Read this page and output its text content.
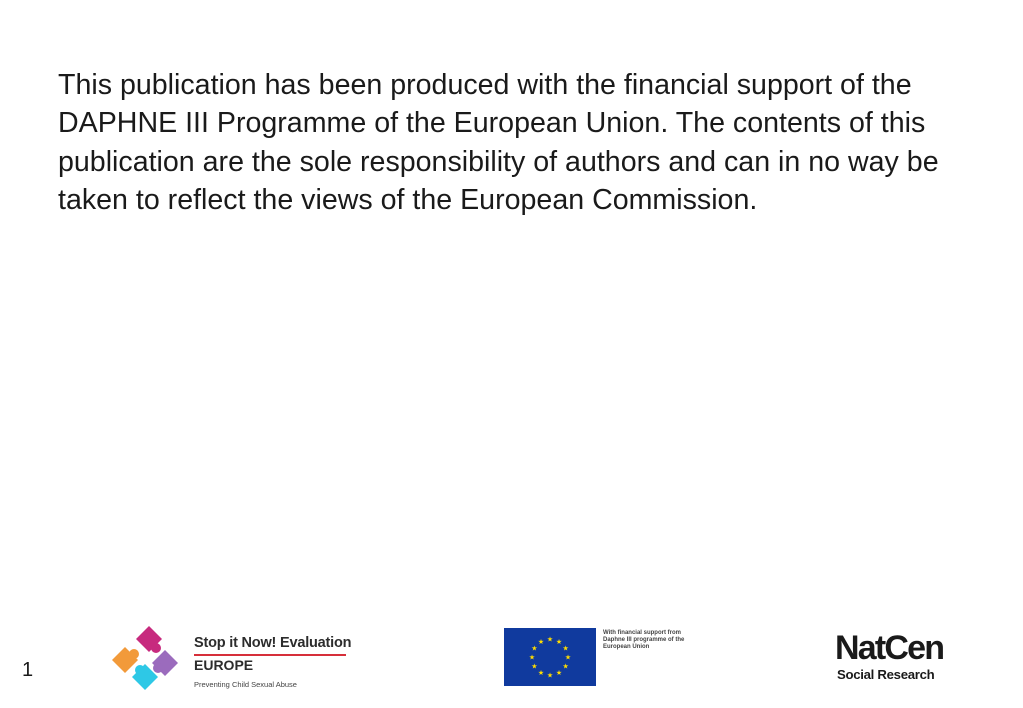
This publication has been produced with the financial support of the DAPHNE III Programme of the European Union. The contents of this publication are the sole responsibility of authors and can in no way be taken to reflect the views of the European Commission.

1
Stop it Now! Evaluation
EUROPE
Preventing Child Sexual Abuse
★ ★
★
★
★
★
★
★
★
★
★
★

With financial support from Daphne III programme of the European Union	NatCen
Social Research
